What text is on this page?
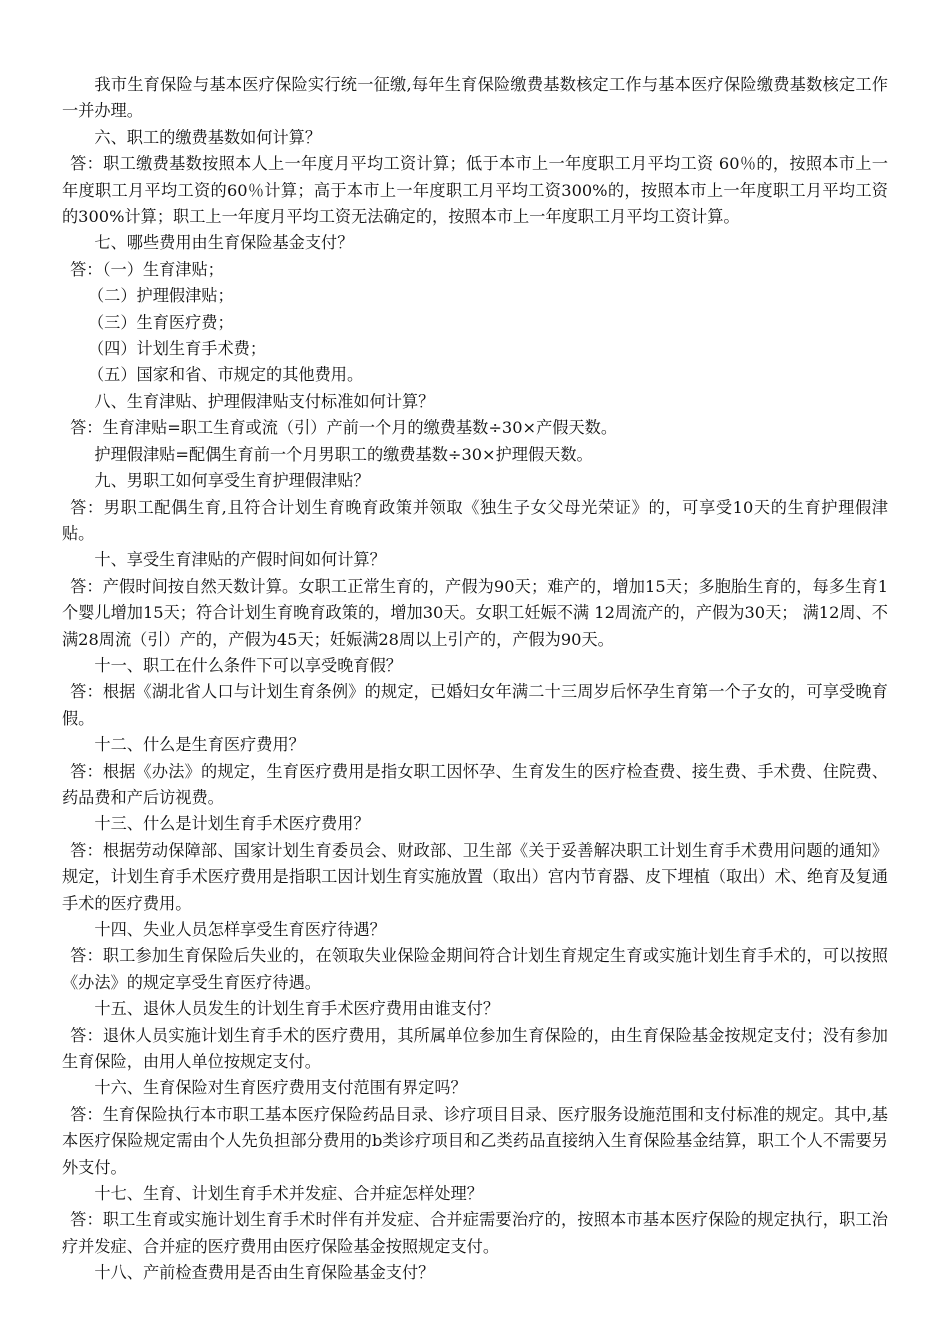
我市生育保险与基本医疗保险实行统一征缴,每年生育保险缴费基数核定工作与基本医疗保险缴费基数核定工作一并办理。

六、职工的缴费基数如何计算？

答：职工缴费基数按照本人上一年度月平均工资计算；低于本市上一年度职工月平均工资 60％的，按照本市上一年度职工月平均工资的60％计算；高于本市上一年度职工月平均工资300%的，按照本市上一年度职工月平均工资的300%计算；职工上一年度月平均工资无法确定的，按照本市上一年度职工月平均工资计算。

七、哪些费用由生育保险基金支付？

答：（一）生育津贴；

（二）护理假津贴；

（三）生育医疗费；

（四）计划生育手术费；

（五）国家和省、市规定的其他费用。

八、生育津贴、护理假津贴支付标准如何计算？

答：生育津贴=职工生育或流（引）产前一个月的缴费基数÷30×产假天数。

护理假津贴=配偶生育前一个月男职工的缴费基数÷30×护理假天数。

九、男职工如何享受生育护理假津贴？

答：男职工配偶生育,且符合计划生育晚育政策并领取《独生子女父母光荣证》的，可享受10天的生育护理假津贴。

十、享受生育津贴的产假时间如何计算？

答：产假时间按自然天数计算。女职工正常生育的，产假为90天；难产的，增加15天；多胞胎生育的，每多生育1个婴儿增加15天；符合计划生育晚育政策的，增加30天。女职工妊娠不满 12周流产的，产假为30天； 满12周、不满28周流（引）产的，产假为45天；妊娠满28周以上引产的，产假为90天。

十一、职工在什么条件下可以享受晚育假？

答：根据《湖北省人口与计划生育条例》的规定，已婚妇女年满二十三周岁后怀孕生育第一个子女的，可享受晚育假。

十二、什么是生育医疗费用？

答：根据《办法》的规定，生育医疗费用是指女职工因怀孕、生育发生的医疗检查费、接生费、手术费、住院费、药品费和产后访视费。

十三、什么是计划生育手术医疗费用？

答：根据劳动保障部、国家计划生育委员会、财政部、卫生部《关于妥善解决职工计划生育手术费用问题的通知》规定，计划生育手术医疗费用是指职工因计划生育实施放置（取出）宫内节育器、皮下埋植（取出）术、绝育及复通手术的医疗费用。

十四、失业人员怎样享受生育医疗待遇？

答：职工参加生育保险后失业的，在领取失业保险金期间符合计划生育规定生育或实施计划生育手术的，可以按照《办法》的规定享受生育医疗待遇。

十五、退休人员发生的计划生育手术医疗费用由谁支付？

答：退休人员实施计划生育手术的医疗费用，其所属单位参加生育保险的，由生育保险基金按规定支付；没有参加生育保险，由用人单位按规定支付。

十六、生育保险对生育医疗费用支付范围有界定吗？

答：生育保险执行本市职工基本医疗保险药品目录、诊疗项目目录、医疗服务设施范围和支付标准的规定。其中,基本医疗保险规定需由个人先负担部分费用的b类诊疗项目和乙类药品直接纳入生育保险基金结算，职工个人不需要另外支付。

十七、生育、计划生育手术并发症、合并症怎样处理？

答：职工生育或实施计划生育手术时伴有并发症、合并症需要治疗的，按照本市基本医疗保险的规定执行，职工治疗并发症、合并症的医疗费用由医疗保险基金按照规定支付。

十八、产前检查费用是否由生育保险基金支付？
